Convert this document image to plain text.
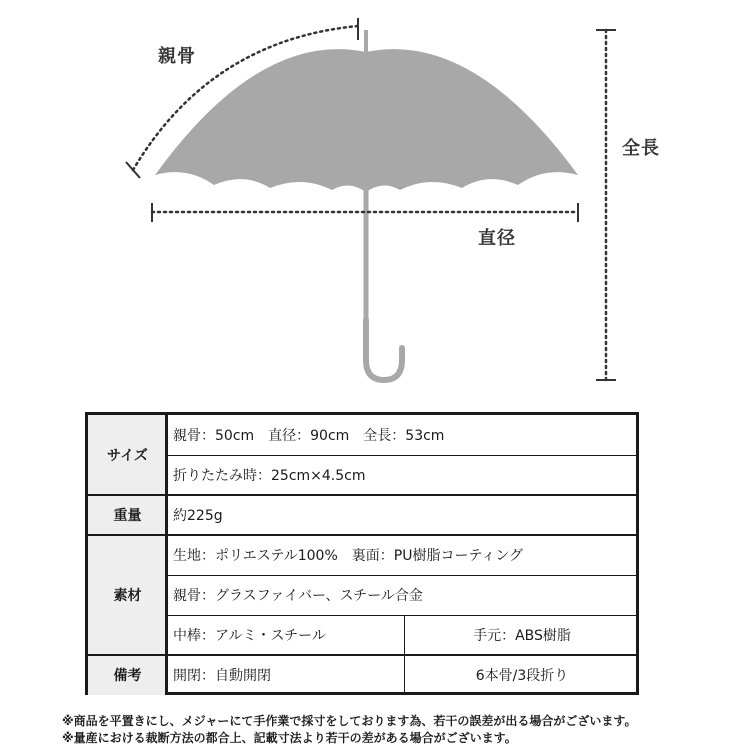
親骨
全長
直径
サイズ
重量
素材
備考
親骨：50cm　直径：90cm　全長：53cm
折りたたみ時：25cm×4.5cm
約225g
生地：ポリエステル100%　裏面：PU樹脂コーティング
親骨：グラスファイバー、スチール合金
中棒：アルミ・スチール	手元：ABS樹脂
開閉：自動開閉	6本骨/3段折り
※商品を平置きにし、メジャーにて手作業で採寸をしております為、若干の誤差が出る場合がございます。
※量産における裁断方法の都合上、記載寸法より若干の差がある場合がございます。
